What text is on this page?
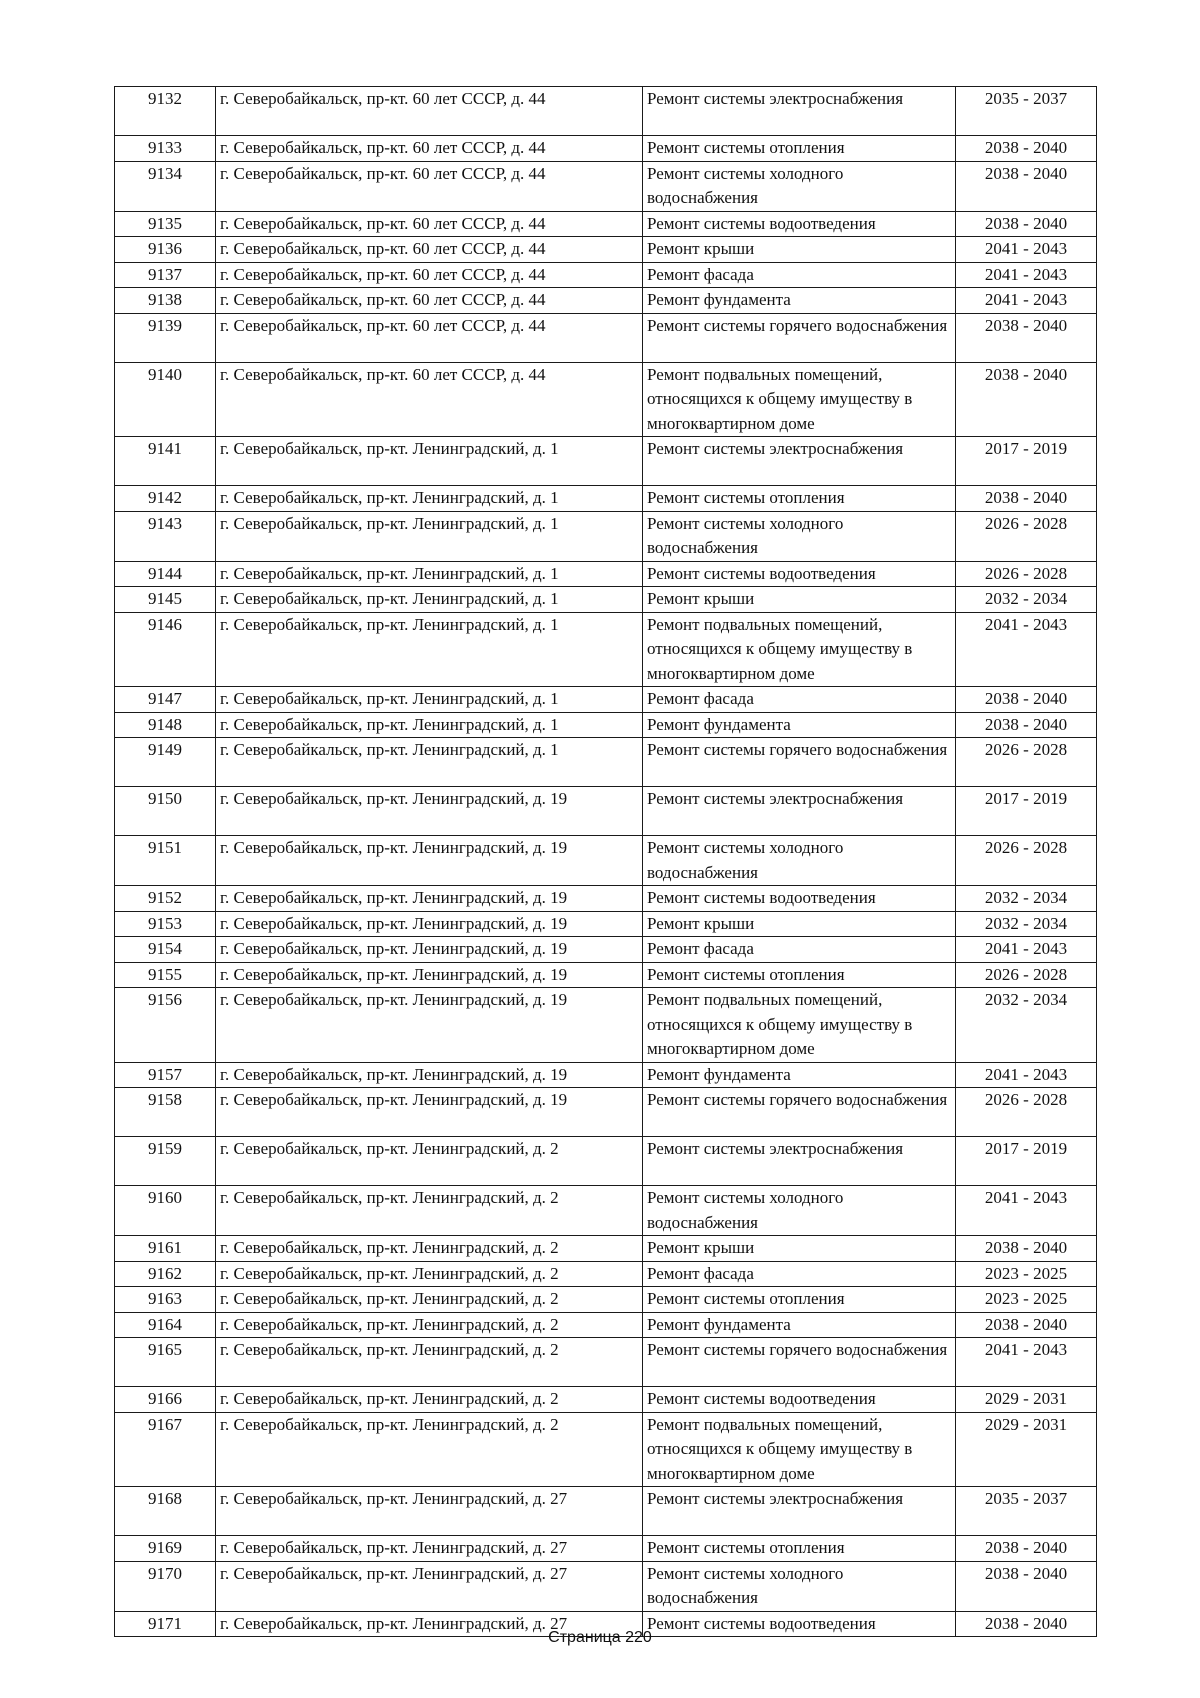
9132	г. Северобайкальск, пр-кт. 60 лет СССР, д. 44	Ремонт системы электроснабжения	2035 - 2037
9133	г. Северобайкальск, пр-кт. 60 лет СССР, д. 44	Ремонт системы отопления	2038 - 2040
9134	г. Северобайкальск, пр-кт. 60 лет СССР, д. 44	Ремонт системы холодного водоснабжения	2038 - 2040
9135	г. Северобайкальск, пр-кт. 60 лет СССР, д. 44	Ремонт системы водоотведения	2038 - 2040
9136	г. Северобайкальск, пр-кт. 60 лет СССР, д. 44	Ремонт крыши	2041 - 2043
9137	г. Северобайкальск, пр-кт. 60 лет СССР, д. 44	Ремонт фасада	2041 - 2043
9138	г. Северобайкальск, пр-кт. 60 лет СССР, д. 44	Ремонт фундамента	2041 - 2043
9139	г. Северобайкальск, пр-кт. 60 лет СССР, д. 44	Ремонт системы горячего водоснабжения	2038 - 2040
9140	г. Северобайкальск, пр-кт. 60 лет СССР, д. 44	Ремонт подвальных помещений, относящихся к общему имуществу в многоквартирном доме	2038 - 2040
9141	г. Северобайкальск, пр-кт. Ленинградский, д. 1	Ремонт системы электроснабжения	2017 - 2019
9142	г. Северобайкальск, пр-кт. Ленинградский, д. 1	Ремонт системы отопления	2038 - 2040
9143	г. Северобайкальск, пр-кт. Ленинградский, д. 1	Ремонт системы холодного водоснабжения	2026 - 2028
9144	г. Северобайкальск, пр-кт. Ленинградский, д. 1	Ремонт системы водоотведения	2026 - 2028
9145	г. Северобайкальск, пр-кт. Ленинградский, д. 1	Ремонт крыши	2032 - 2034
9146	г. Северобайкальск, пр-кт. Ленинградский, д. 1	Ремонт подвальных помещений, относящихся к общему имуществу в многоквартирном доме	2041 - 2043
9147	г. Северобайкальск, пр-кт. Ленинградский, д. 1	Ремонт фасада	2038 - 2040
9148	г. Северобайкальск, пр-кт. Ленинградский, д. 1	Ремонт фундамента	2038 - 2040
9149	г. Северобайкальск, пр-кт. Ленинградский, д. 1	Ремонт системы горячего водоснабжения	2026 - 2028
9150	г. Северобайкальск, пр-кт. Ленинградский, д. 19	Ремонт системы электроснабжения	2017 - 2019
9151	г. Северобайкальск, пр-кт. Ленинградский, д. 19	Ремонт системы холодного водоснабжения	2026 - 2028
9152	г. Северобайкальск, пр-кт. Ленинградский, д. 19	Ремонт системы водоотведения	2032 - 2034
9153	г. Северобайкальск, пр-кт. Ленинградский, д. 19	Ремонт крыши	2032 - 2034
9154	г. Северобайкальск, пр-кт. Ленинградский, д. 19	Ремонт фасада	2041 - 2043
9155	г. Северобайкальск, пр-кт. Ленинградский, д. 19	Ремонт системы отопления	2026 - 2028
9156	г. Северобайкальск, пр-кт. Ленинградский, д. 19	Ремонт подвальных помещений, относящихся к общему имуществу в многоквартирном доме	2032 - 2034
9157	г. Северобайкальск, пр-кт. Ленинградский, д. 19	Ремонт фундамента	2041 - 2043
9158	г. Северобайкальск, пр-кт. Ленинградский, д. 19	Ремонт системы горячего водоснабжения	2026 - 2028
9159	г. Северобайкальск, пр-кт. Ленинградский, д. 2	Ремонт системы электроснабжения	2017 - 2019
9160	г. Северобайкальск, пр-кт. Ленинградский, д. 2	Ремонт системы холодного водоснабжения	2041 - 2043
9161	г. Северобайкальск, пр-кт. Ленинградский, д. 2	Ремонт крыши	2038 - 2040
9162	г. Северобайкальск, пр-кт. Ленинградский, д. 2	Ремонт фасада	2023 - 2025
9163	г. Северобайкальск, пр-кт. Ленинградский, д. 2	Ремонт системы отопления	2023 - 2025
9164	г. Северобайкальск, пр-кт. Ленинградский, д. 2	Ремонт фундамента	2038 - 2040
9165	г. Северобайкальск, пр-кт. Ленинградский, д. 2	Ремонт системы горячего водоснабжения	2041 - 2043
9166	г. Северобайкальск, пр-кт. Ленинградский, д. 2	Ремонт системы водоотведения	2029 - 2031
9167	г. Северобайкальск, пр-кт. Ленинградский, д. 2	Ремонт подвальных помещений, относящихся к общему имуществу в многоквартирном доме	2029 - 2031
9168	г. Северобайкальск, пр-кт. Ленинградский, д. 27	Ремонт системы электроснабжения	2035 - 2037
9169	г. Северобайкальск, пр-кт. Ленинградский, д. 27	Ремонт системы отопления	2038 - 2040
9170	г. Северобайкальск, пр-кт. Ленинградский, д. 27	Ремонт системы холодного водоснабжения	2038 - 2040
9171	г. Северобайкальск, пр-кт. Ленинградский, д. 27	Ремонт системы водоотведения	2038 - 2040
Страница 220
